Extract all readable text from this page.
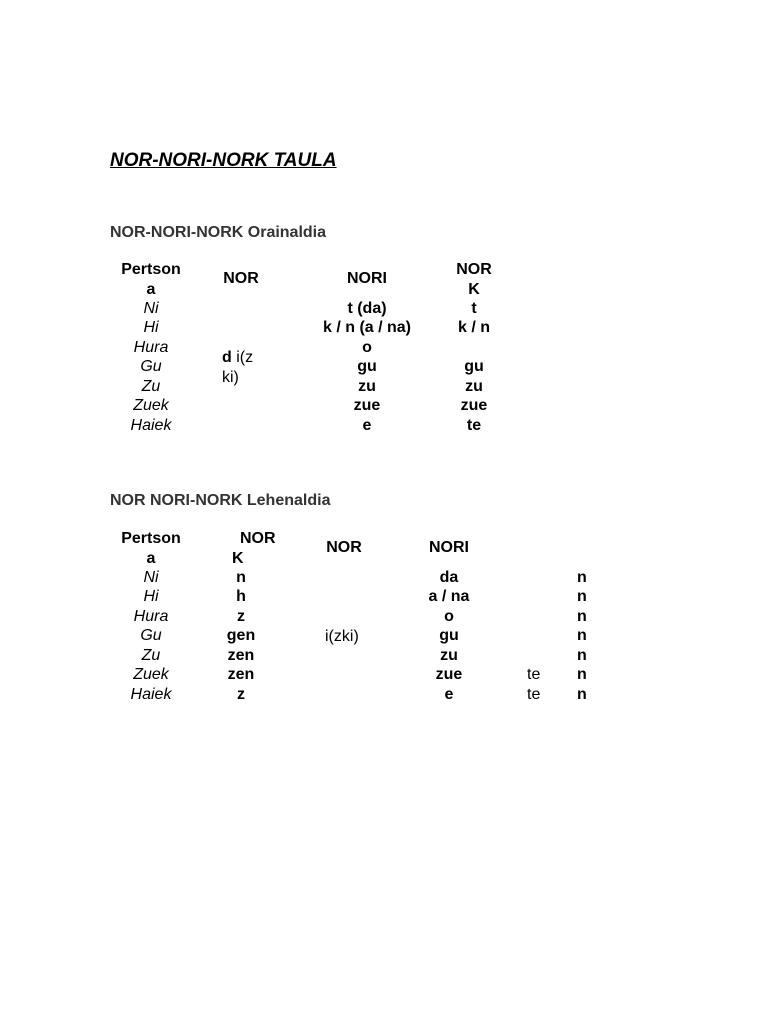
NOR-NORI-NORK TAULA
NOR-NORI-NORK Orainaldia
Pertson
a
NOR	NORI
NOR
K
Ni
Hi
Hura
Gu
Zu
Zuek
Haiek
d i(z
ki)
t (da)
k / n (a / na)
o
gu
zu
zue
e
t
k / n
gu
zu
zue
te
NOR NORI-NORK Lehenaldia
Pertson
a
NOR
K
NOR	NORI
Ni
Hi
Hura
Gu
Zu
Zuek
Haiek
n
h
z
gen
zen
zen
z
i(zki)
da
a / na
o
gu
zu
zue
e
te
te
n
n
n
n
n
n
n
